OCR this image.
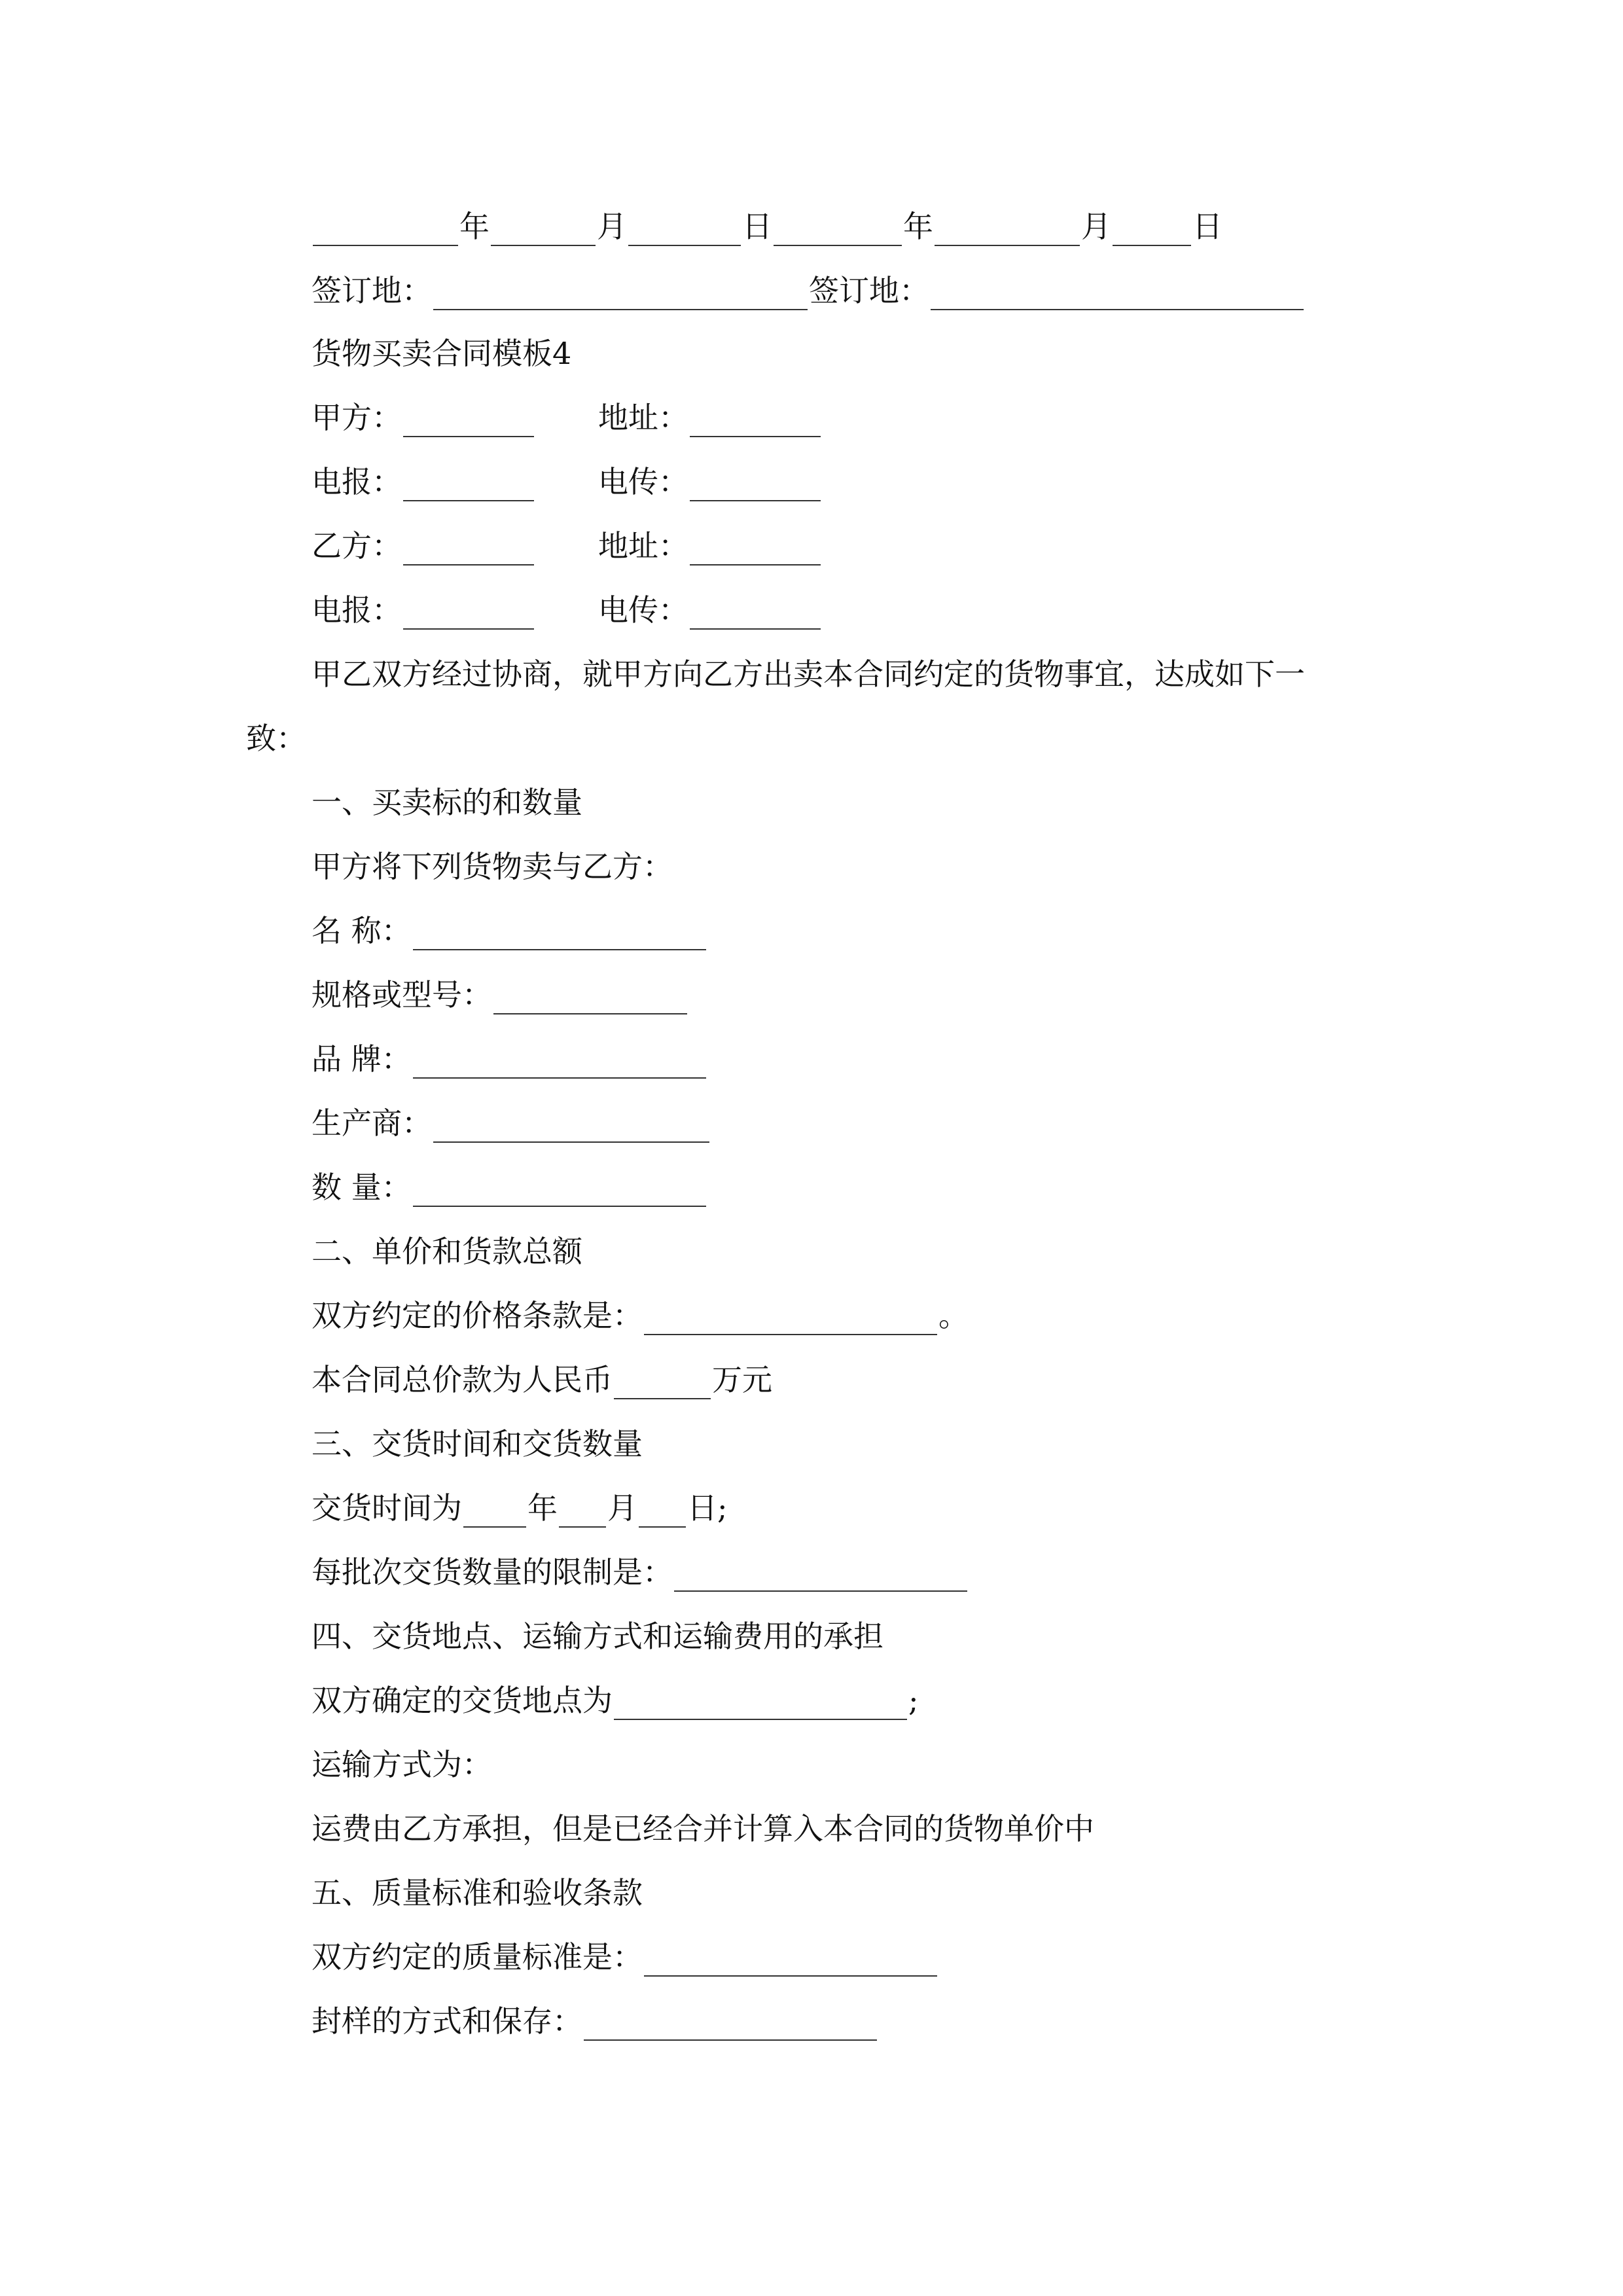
年	月	日	年	月	日
签订地：	签订地：
货物买卖合同模板4
甲方：	地址：
电报：	电传：
乙方：	地址：
电报：	电传：
甲乙双方经过协商，就甲方向乙方出卖本合同约定的货物事宜，达成如下一
致：
一、买卖标的和数量
甲方将下列货物卖与乙方：
名 称：
规格或型号：
品 牌：
生产商：
数 量：
二、单价和货款总额
双方约定的价格条款是：	。
本合同总价款为人民币	万元
三、交货时间和交货数量
交货时间为 年 月 日;
每批次交货数量的限制是：
四、交货地点、运输方式和运输费用的承担
双方确定的交货地点为	;
运输方式为：
运费由乙方承担，但是已经合并计算入本合同的货物单价中
五、质量标准和验收条款
双方约定的质量标准是：
封样的方式和保存：
